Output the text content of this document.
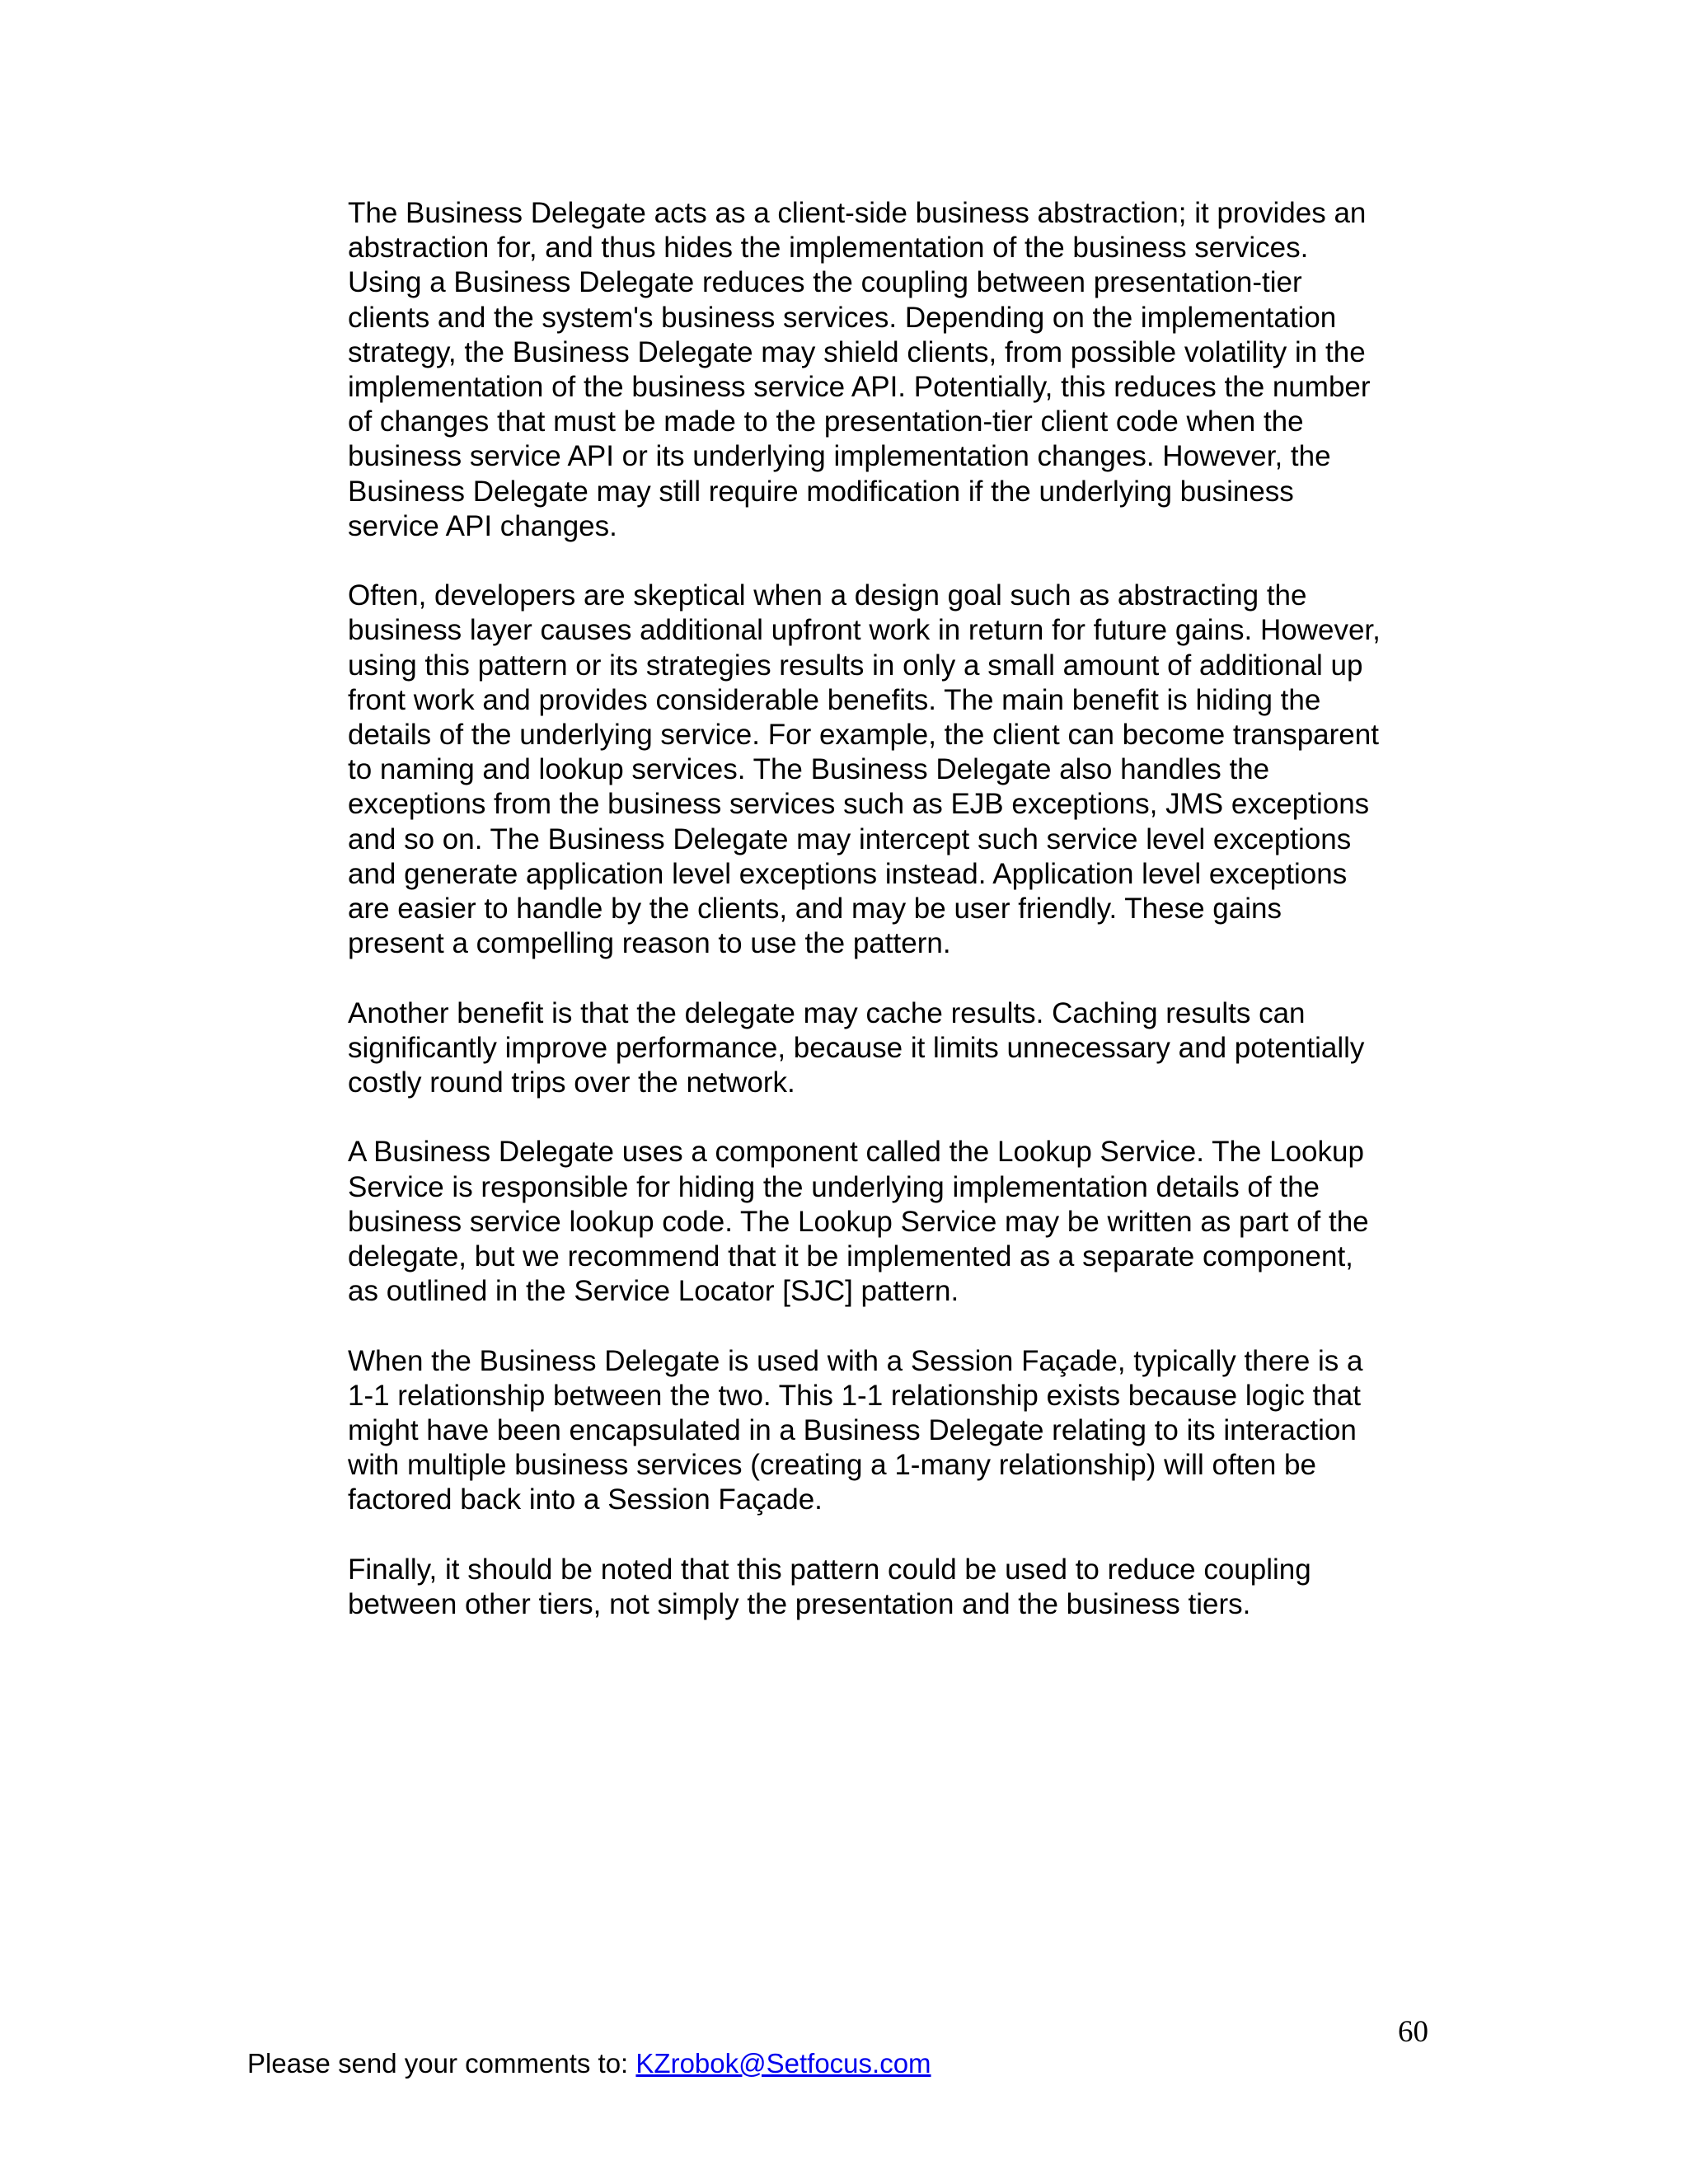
The Business Delegate acts as a client-side business abstraction; it provides an
abstraction for, and thus hides the implementation of the business services.
Using a Business Delegate reduces the coupling between presentation-tier
clients and the system's business services. Depending on the implementation
strategy, the Business Delegate may shield clients, from possible volatility in the
implementation of the business service API. Potentially, this reduces the number
of changes that must be made to the presentation-tier client code when the
business service API or its underlying implementation changes. However, the
Business Delegate may still require modification if the underlying business
service API changes.

Often, developers are skeptical when a design goal such as abstracting the
business layer causes additional upfront work in return for future gains. However,
using this pattern or its strategies results in only a small amount of additional up
front work and provides considerable benefits. The main benefit is hiding the
details of the underlying service. For example, the client can become transparent
to naming and lookup services. The Business Delegate also handles the
exceptions from the business services such as EJB exceptions, JMS exceptions
and so on. The Business Delegate may intercept such service level exceptions
and generate application level exceptions instead. Application level exceptions
are easier to handle by the clients, and may be user friendly. These gains
present a compelling reason to use the pattern.

Another benefit is that the delegate may cache results. Caching results can
significantly improve performance, because it limits unnecessary and potentially
costly round trips over the network.

A Business Delegate uses a component called the Lookup Service. The Lookup
Service is responsible for hiding the underlying implementation details of the
business service lookup code. The Lookup Service may be written as part of the
delegate, but we recommend that it be implemented as a separate component,
as outlined in the Service Locator [SJC] pattern.

When the Business Delegate is used with a Session Façade, typically there is a
1-1 relationship between the two. This 1-1 relationship exists because logic that
might have been encapsulated in a Business Delegate relating to its interaction
with multiple business services (creating a 1-many relationship) will often be
factored back into a Session Façade.

Finally, it should be noted that this pattern could be used to reduce coupling
between other tiers, not simply the presentation and the business tiers.

60
Please send your comments to: KZrobok@Setfocus.com
